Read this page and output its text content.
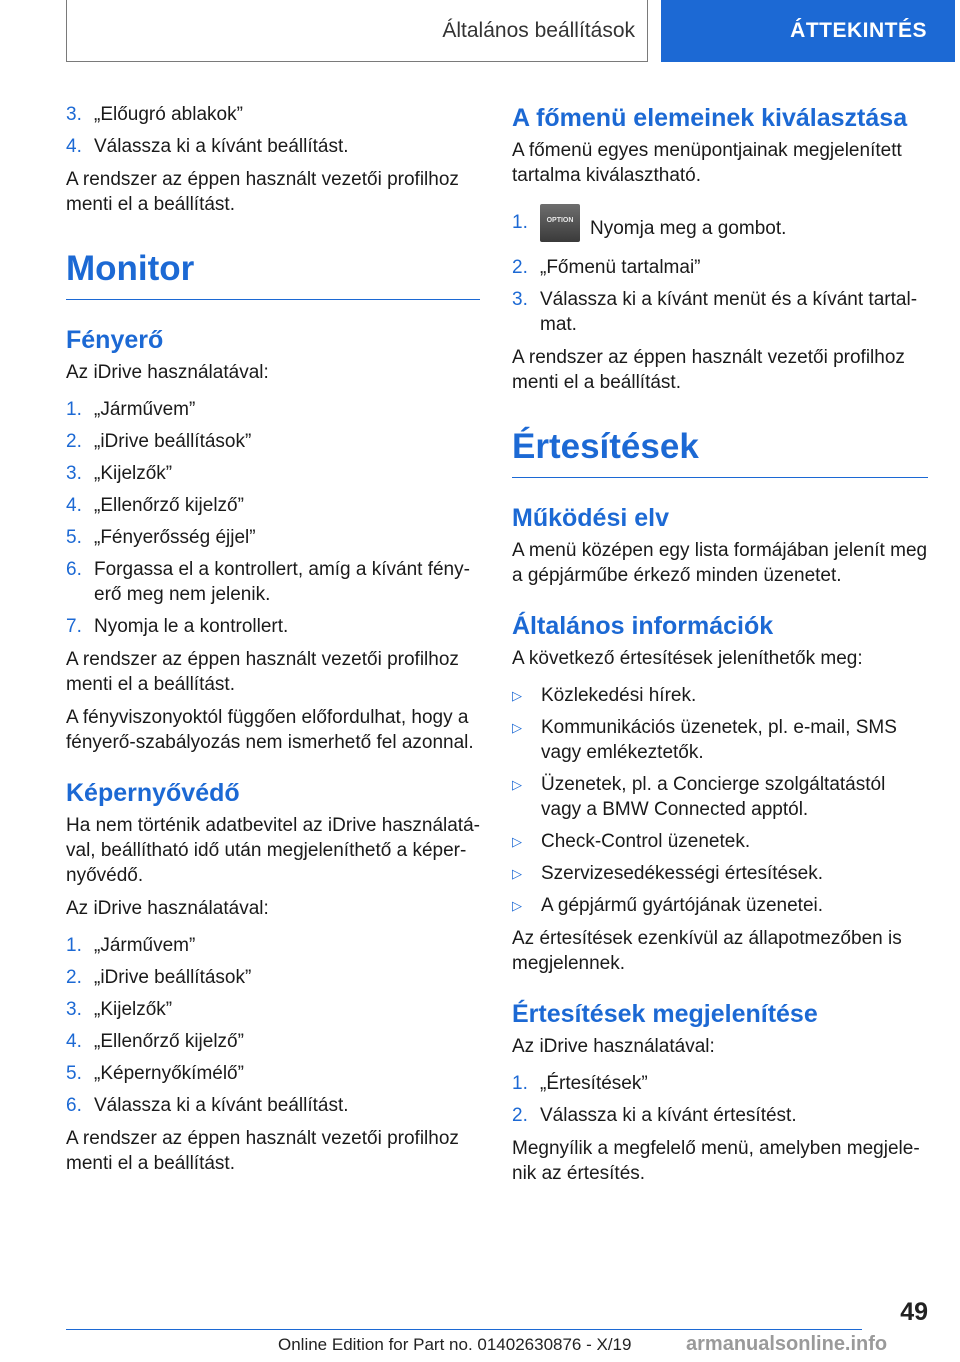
Általános beállítások	ÁTTEKINTÉS
3. „Előugró ablakok”
4. Válassza ki a kívánt beállítást.

A rendszer az éppen használt vezetői profilhoz menti el a beállítást.

Monitor
Fényerő

Az iDrive használatával:

1. „Járművem”
2. „iDrive beállítások”
3. „Kijelzők”
4. „Ellenőrző kijelző”
5. „Fényerősség éjjel”
6. Forgassa el a kontrollert, amíg a kívánt fényerő meg nem jelenik.
7. Nyomja le a kontrollert.

A rendszer az éppen használt vezetői profilhoz menti el a beállítást.

A fényviszonyoktól függően előfordulhat, hogy a fényerő-szabályozás nem ismerhető fel azonnal.

Képernyővédő

Ha nem történik adatbevitel az iDrive használatával, beállítható idő után megjeleníthető a képernyővédő.

Az iDrive használatával:

1. „Járművem”
2. „iDrive beállítások”
3. „Kijelzők”
4. „Ellenőrző kijelző”
5. „Képernyőkímélő”
6. Válassza ki a kívánt beállítást.

A rendszer az éppen használt vezetői profilhoz menti el a beállítást.

A főmenü elemeinek kiválasztása

A főmenü egyes menüpontjainak megjelenített tartalma kiválasztható.

1.	OPTION Nyomja meg a gombot.
2. „Főmenü tartalmai”
3. Válassza ki a kívánt menüt és a kívánt tartalmat.

A rendszer az éppen használt vezetői profilhoz menti el a beállítást.

Értesítések
Működési elv

A menü középen egy lista formájában jelenít meg a gépjárműbe érkező minden üzenetet.

Általános információk

A következő értesítések jeleníthetők meg:

▷	Közlekedési hírek.
▷	Kommunikációs üzenetek, pl. e-mail, SMS vagy emlékeztetők.
▷	Üzenetek, pl. a Concierge szolgáltatástól vagy a BMW Connected apptól.
▷	Check-Control üzenetek.
▷	Szervizesedékességi értesítések.
▷	A gépjármű gyártójának üzenetei.

Az értesítések ezenkívül az állapotmezőben is megjelennek.

Értesítések megjelenítése

Az iDrive használatával:

1. „Értesítések”
2. Válassza ki a kívánt értesítést.

Megnyílik a megfelelő menü, amelyben megjelenik az értesítés.

49
Online Edition for Part no. 01402630876 - X/19	armanualsonline.info
